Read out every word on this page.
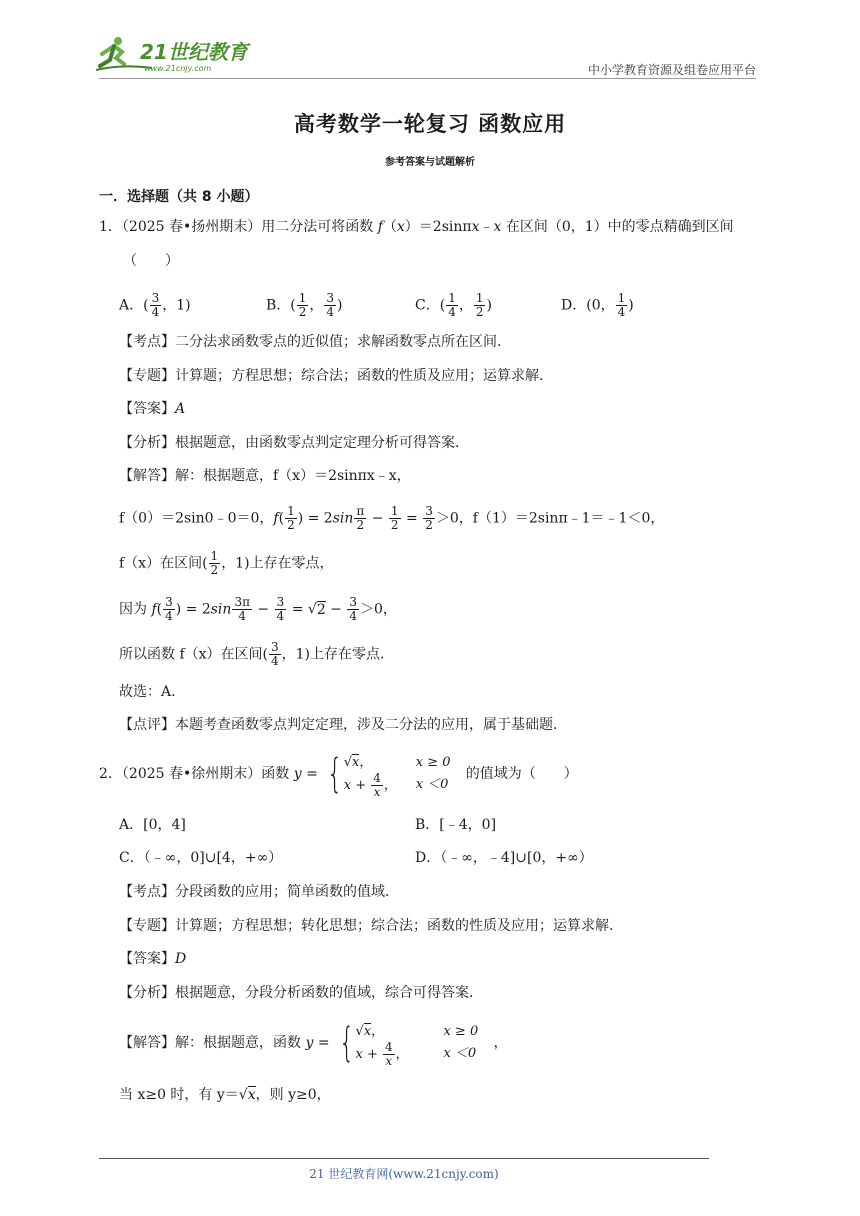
21世纪教育
www.21cnjy.com	中小学教育资源及组卷应用平台
高考数学一轮复习 函数应用
参考答案与试题解析
一．选择题（共 8 小题）
1．（2025 春•扬州期末）用二分法可将函数 f（x）＝2sinπx﹣x 在区间（0，1）中的零点精确到区间
（　　）
A．( $\frac{3}{4}$ ，1)	B．( $\frac{1}{2}$ ， $\frac{3}{4}$ )	C．( $\frac{1}{4}$ ， $\frac{1}{2}$ )	D．(0， $\frac{1}{4}$ )
【考点】二分法求函数零点的近似值；求解函数零点所在区间．
【专题】计算题；方程思想；综合法；函数的性质及应用；运算求解．
【答案】A
【分析】根据题意，由函数零点判定定理分析可得答案．
【解答】解：根据题意，f（x）＝2sinπx﹣x，
f（0）＝2sin0﹣0＝0，$f( \frac{1}{2}$ ) = $2\sin \frac{\pi}{2} - \frac{1}{2} = \frac{3}{2} >0$，f（1）＝2sinπ﹣1＝﹣1＜0，
f（x）在区间( $\frac{1}{2}$ ，1)上存在零点，
因为 $f( \frac{3}{4}$ ) = $2\sin \frac{3\pi}{4} - \frac{3}{4} = √2 - \frac{3}{4} >0$，
所以函数 f（x）在区间( $\frac{3}{4}$ ，1)上存在零点．
故选：A．
【点评】本题考查函数零点判定定理，涉及二分法的应用，属于基础题．
2．（2025 春•徐州期末）函数 y = { √x，	x ≥ 0
$x + \frac{4}{x}$ ，	x ＜0
的值域为（　　）
A．[0，4]	B．[﹣4，0]
C．（﹣∞，0]∪[4，+∞）	D．（﹣∞，﹣4]∪[0，+∞）
【考点】分段函数的应用；简单函数的值域．
【专题】计算题；方程思想；转化思想；综合法；函数的性质及应用；运算求解．
【答案】D
【分析】根据题意，分段分析函数的值域，综合可得答案．
【解答】解：根据题意，函数 y = { √x，	x ≥ 0
$x + \frac{4}{x}$ ，	x ＜0
，
当 x≥0 时，有 y＝√x，则 y≥0，
21 世纪教育网(www.21cnjy.com)
